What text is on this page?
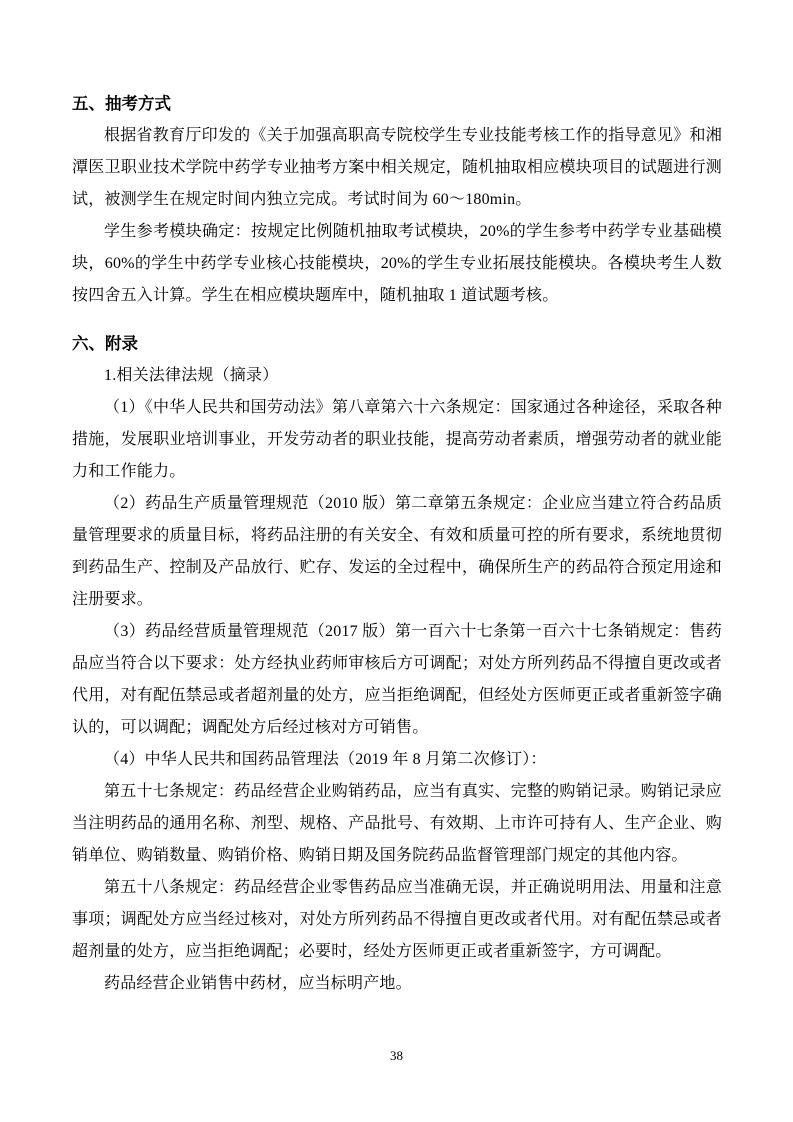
五、抽考方式

根据省教育厅印发的《关于加强高职高专院校学生专业技能考核工作的指导意见》和湘潭医卫职业技术学院中药学专业抽考方案中相关规定，随机抽取相应模块项目的试题进行测试，被测学生在规定时间内独立完成。考试时间为 60～180min。

学生参考模块确定：按规定比例随机抽取考试模块，20%的学生参考中药学专业基础模块，60%的学生中药学专业核心技能模块，20%的学生专业拓展技能模块。各模块考生人数按四舍五入计算。学生在相应模块题库中，随机抽取 1 道试题考核。

六、附录

1.相关法律法规（摘录）

（1）《中华人民共和国劳动法》第八章第六十六条规定：国家通过各种途径，采取各种措施，发展职业培训事业，开发劳动者的职业技能，提高劳动者素质，增强劳动者的就业能力和工作能力。

（2）药品生产质量管理规范（2010 版）第二章第五条规定：企业应当建立符合药品质量管理要求的质量目标，将药品注册的有关安全、有效和质量可控的所有要求，系统地贯彻到药品生产、控制及产品放行、贮存、发运的全过程中，确保所生产的药品符合预定用途和注册要求。

（3）药品经营质量管理规范（2017 版）第一百六十七条第一百六十七条销规定：售药品应当符合以下要求：处方经执业药师审核后方可调配；对处方所列药品不得擅自更改或者代用，对有配伍禁忌或者超剂量的处方，应当拒绝调配，但经处方医师更正或者重新签字确认的，可以调配；调配处方后经过核对方可销售。

（4）中华人民共和国药品管理法（2019 年 8 月第二次修订）：

第五十七条规定：药品经营企业购销药品，应当有真实、完整的购销记录。购销记录应当注明药品的通用名称、剂型、规格、产品批号、有效期、上市许可持有人、生产企业、购销单位、购销数量、购销价格、购销日期及国务院药品监督管理部门规定的其他内容。

第五十八条规定：药品经营企业零售药品应当准确无误，并正确说明用法、用量和注意事项；调配处方应当经过核对，对处方所列药品不得擅自更改或者代用。对有配伍禁忌或者超剂量的处方，应当拒绝调配；必要时，经处方医师更正或者重新签字，方可调配。

药品经营企业销售中药材，应当标明产地。

38
